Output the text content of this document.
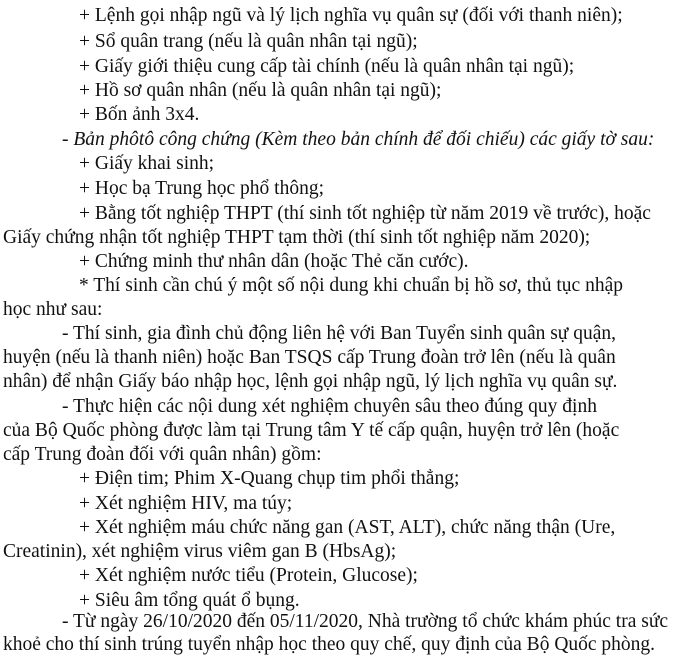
+ Lệnh gọi nhập ngũ và lý lịch nghĩa vụ quân sự (đối với thanh niên);
+ Sổ quân trang (nếu là quân nhân tại ngũ);
+ Giấy giới thiệu cung cấp tài chính (nếu là quân nhân tại ngũ);
+ Hồ sơ quân nhân (nếu là quân nhân tại ngũ);
+ Bốn ảnh 3x4.
- Bản phôtô công chứng (Kèm theo bản chính để đối chiếu) các giấy tờ sau:
+ Giấy khai sinh;
+ Học bạ Trung học phổ thông;
+ Bằng tốt nghiệp THPT (thí sinh tốt nghiệp từ năm 2019 về trước), hoặc
Giấy chứng nhận tốt nghiệp THPT tạm thời (thí sinh tốt nghiệp năm 2020);
+ Chứng minh thư nhân dân (hoặc Thẻ căn cước).
* Thí sinh cần chú ý một số nội dung khi chuẩn bị hồ sơ, thủ tục nhập
học như sau:
- Thí sinh, gia đình chủ động liên hệ với Ban Tuyển sinh quân sự quận,
huyện (nếu là thanh niên) hoặc Ban TSQS cấp Trung đoàn trở lên (nếu là quân
nhân) để nhận Giấy báo nhập học, lệnh gọi nhập ngũ, lý lịch nghĩa vụ quân sự.
- Thực hiện các nội dung xét nghiệm chuyên sâu theo đúng quy định
của Bộ Quốc phòng được làm tại Trung tâm Y tế cấp quận, huyện trở lên (hoặc
cấp Trung đoàn đối với quân nhân) gồm:
+ Điện tim; Phim X-Quang chụp tim phổi thẳng;
+ Xét nghiệm HIV, ma túy;
+ Xét nghiệm máu chức năng gan (AST, ALT), chức năng thận (Ure,
Creatinin), xét nghiệm virus viêm gan B (HbsAg);
+ Xét nghiệm nước tiểu (Protein, Glucose);
+ Siêu âm tổng quát ổ bụng.
- Từ ngày 26/10/2020 đến 05/11/2020, Nhà trường tổ chức khám phúc tra sức
khoẻ cho thí sinh trúng tuyển nhập học theo quy chế, quy định của Bộ Quốc phòng.
